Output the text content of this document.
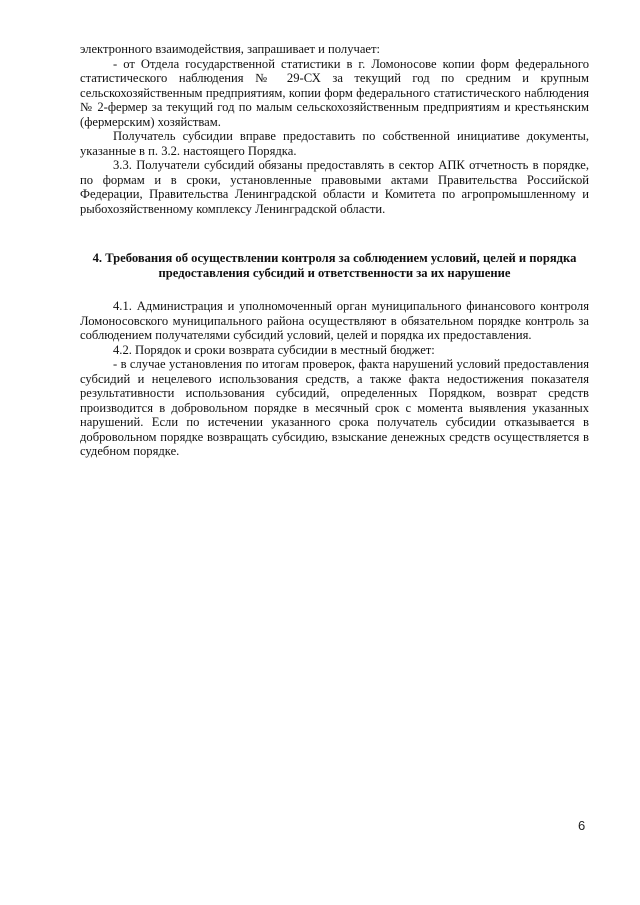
электронного взаимодействия, запрашивает и получает:

- от Отдела государственной статистики в г. Ломоносове копии форм федерального статистического наблюдения № 29-СХ за текущий год по средним и крупным сельскохозяйственным предприятиям, копии форм федерального статистического наблюдения № 2-фермер за текущий год по малым сельскохозяйственным предприятиям и крестьянским (фермерским) хозяйствам.

Получатель субсидии вправе предоставить по собственной инициативе документы, указанные в п. 3.2. настоящего Порядка.

3.3. Получатели субсидий обязаны предоставлять в сектор АПК отчетность в порядке, по формам и в сроки, установленные правовыми актами Правительства Российской Федерации, Правительства Ленинградской области и Комитета по агропромышленному и рыбохозяйственному комплексу Ленинградской области.

4. Требования об осуществлении контроля за соблюдением условий, целей и порядка предоставления субсидий и ответственности за их нарушение

4.1. Администрация и уполномоченный орган муниципального финансового контроля Ломоносовского муниципального района осуществляют в обязательном порядке контроль за соблюдением получателями субсидий условий, целей и порядка их предоставления.

4.2. Порядок и сроки возврата субсидии в местный бюджет:

- в случае установления по итогам проверок, факта нарушений условий предоставления субсидий и нецелевого использования средств, а также факта недостижения показателя результативности использования субсидий, определенных Порядком, возврат средств производится в добровольном порядке в месячный срок с момента выявления указанных нарушений. Если по истечении указанного срока получатель субсидии отказывается в добровольном порядке возвращать субсидию, взыскание денежных средств осуществляется в судебном порядке.

6
